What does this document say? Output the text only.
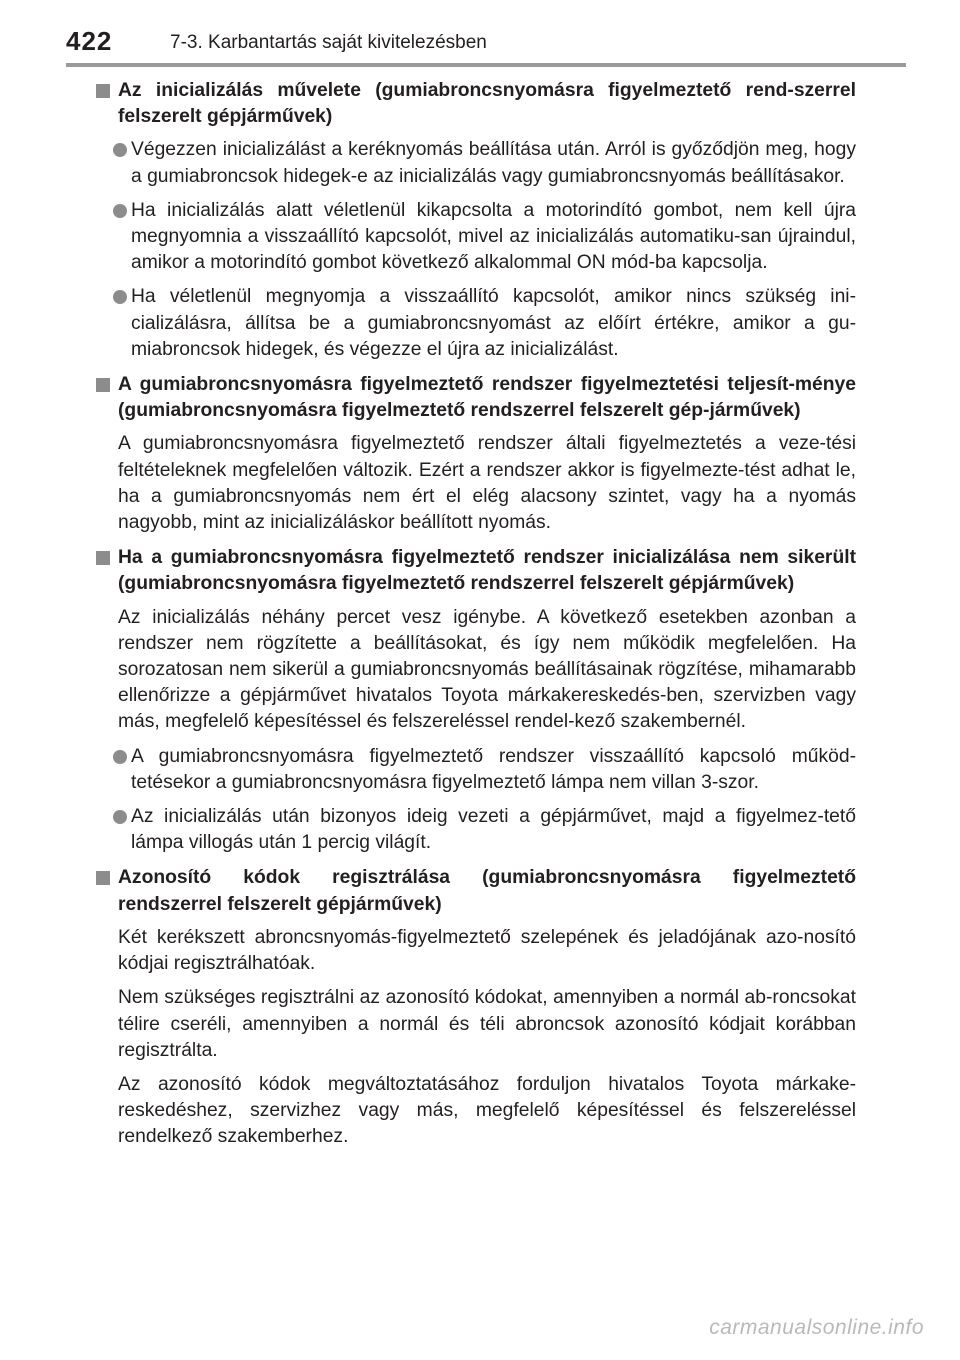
422	7-3. Karbantartás saját kivitelezésben
Az inicializálás művelete (gumiabroncsnyomásra figyelmeztető rend-szerrel felszerelt gépjárművek)
Végezzen inicializálást a keréknyomás beállítása után. Arról is győződjön meg, hogy a gumiabroncsok hidegek-e az inicializálás vagy gumiabroncsnyomás beállításakor.
Ha inicializálás alatt véletlenül kikapcsolta a motorindító gombot, nem kell újra megnyomnia a visszaállító kapcsolót, mivel az inicializálás automatiku-san újraindul, amikor a motorindító gombot következő alkalommal ON mód-ba kapcsolja.
Ha véletlenül megnyomja a visszaállító kapcsolót, amikor nincs szükség ini-cializálásra, állítsa be a gumiabroncsnyomást az előírt értékre, amikor a gu-miabroncsok hidegek, és végezze el újra az inicializálást.
A gumiabroncsnyomásra figyelmeztető rendszer figyelmeztetési teljesít-ménye (gumiabroncsnyomásra figyelmeztető rendszerrel felszerelt gép-járművek)
A gumiabroncsnyomásra figyelmeztető rendszer általi figyelmeztetés a veze-tési feltételeknek megfelelően változik. Ezért a rendszer akkor is figyelmezte-tést adhat le, ha a gumiabroncsnyomás nem ért el elég alacsony szintet, vagy ha a nyomás nagyobb, mint az inicializáláskor beállított nyomás.
Ha a gumiabroncsnyomásra figyelmeztető rendszer inicializálása nem sikerült (gumiabroncsnyomásra figyelmeztető rendszerrel felszerelt gépjárművek)
Az inicializálás néhány percet vesz igénybe. A következő esetekben azonban a rendszer nem rögzítette a beállításokat, és így nem működik megfelelően. Ha sorozatosan nem sikerül a gumiabroncsnyomás beállításainak rögzítése, mihamarabb ellenőrizze a gépjárművet hivatalos Toyota márkakereskedés-ben, szervizben vagy más, megfelelő képesítéssel és felszereléssel rendel-kező szakembernél.
A gumiabroncsnyomásra figyelmeztető rendszer visszaállító kapcsoló működ-tetésekor a gumiabroncsnyomásra figyelmeztető lámpa nem villan 3-szor.
Az inicializálás után bizonyos ideig vezeti a gépjárművet, majd a figyelmez-tető lámpa villogás után 1 percig világít.
Azonosító kódok regisztrálása (gumiabroncsnyomásra figyelmeztető rendszerrel felszerelt gépjárművek)
Két kerékszett abroncsnyomás-figyelmeztető szelepének és jeladójának azo-nosító kódjai regisztrálhatóak.
Nem szükséges regisztrálni az azonosító kódokat, amennyiben a normál ab-roncsokat télire cseréli, amennyiben a normál és téli abroncsok azonosító kódjait korábban regisztrálta.
Az azonosító kódok megváltoztatásához forduljon hivatalos Toyota márkake-reskedéshez, szervizhez vagy más, megfelelő képesítéssel és felszereléssel rendelkező szakemberhez.
carmanualsonline.info
